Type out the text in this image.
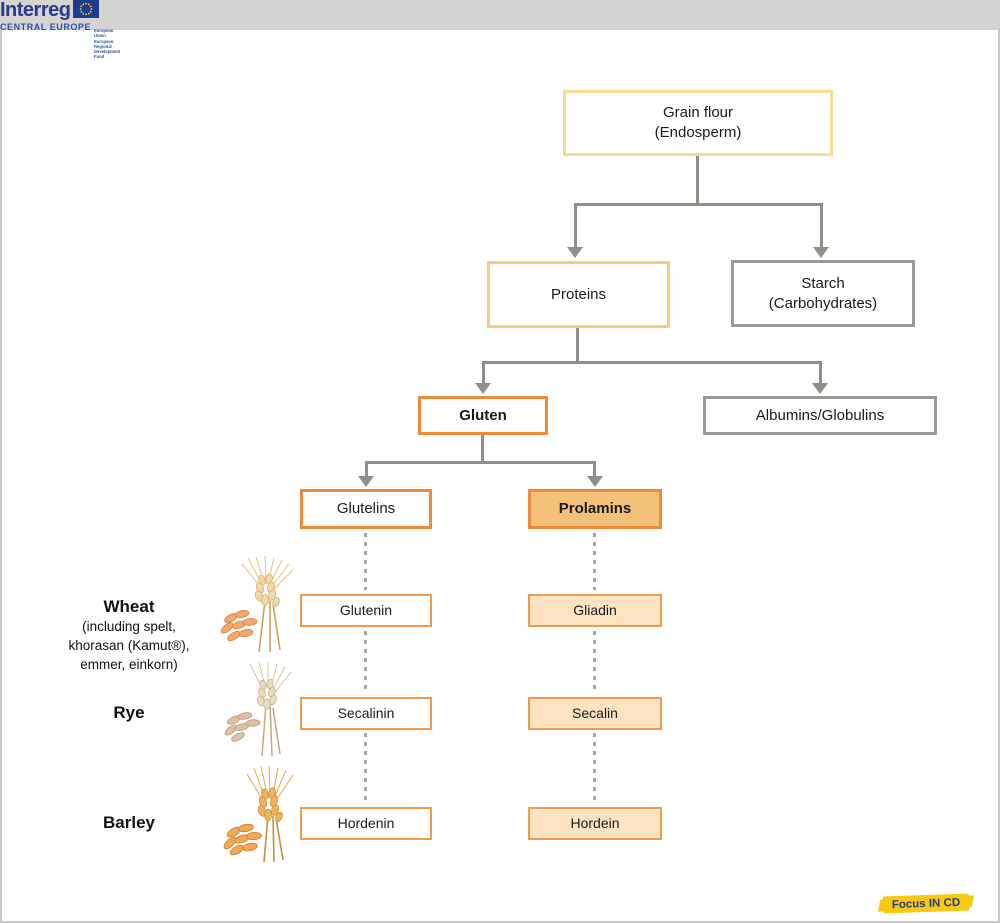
Grain flour
(Endosperm)
Proteins
Starch
(Carbohydrates)
Gluten	Albumins/Globulins
Glutelins	Prolamins
Glutenin	Gliadin
Secalinin	Secalin
Hordenin	Hordein
Wheat
(including spelt,
khorasan (Kamut®),
emmer, einkorn)
Rye
Barley
Interreg
CENTRAL EUROPE European Union
European Regional
Development Fund
Focus IN CD
